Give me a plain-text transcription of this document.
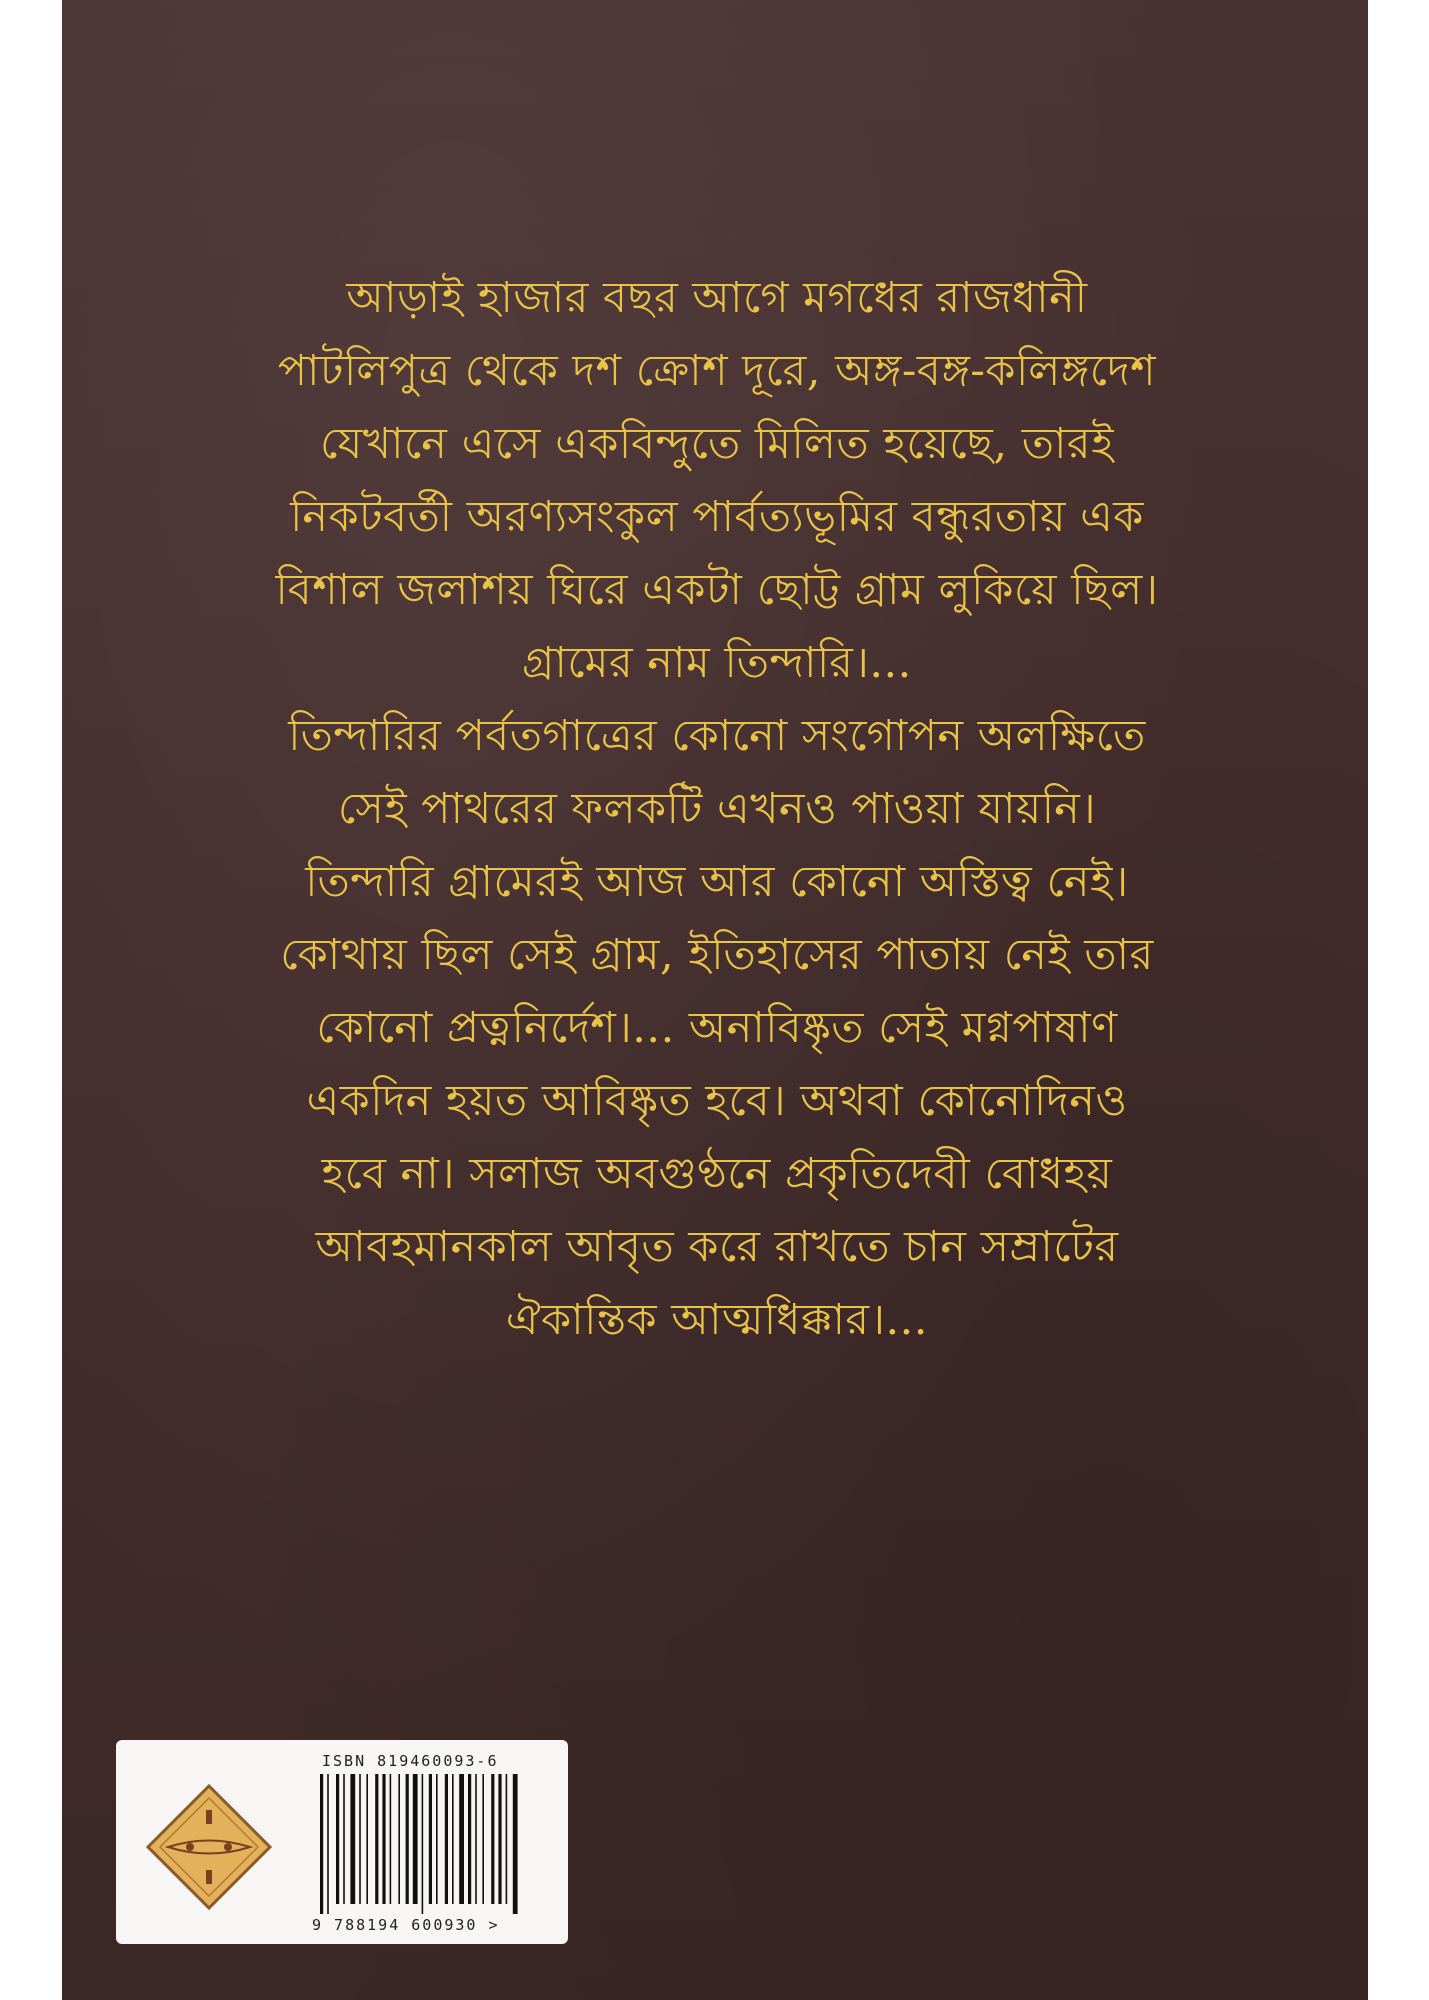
আড়াই হাজার বছর আগে মগধের রাজধানী
পাটলিপুত্র থেকে দশ ক্রোশ দূরে, অঙ্গ-বঙ্গ-কলিঙ্গদেশ
যেখানে এসে একবিন্দুতে মিলিত হয়েছে, তারই
নিকটবর্তী অরণ্যসংকুল পার্বত্যভূমির বন্ধুরতায় এক
বিশাল জলাশয় ঘিরে একটা ছোট্ট গ্রাম লুকিয়ে ছিল।
গ্রামের নাম তিন্দারি।...
তিন্দারির পর্বতগাত্রের কোনো সংগোপন অলক্ষিতে
সেই পাথরের ফলকটি এখনও পাওয়া যায়নি।
তিন্দারি গ্রামেরই আজ আর কোনো অস্তিত্ব নেই।
কোথায় ছিল সেই গ্রাম, ইতিহাসের পাতায় নেই তার
কোনো প্রত্ননির্দেশ।... অনাবিষ্কৃত সেই মগ্নপাষাণ
একদিন হয়ত আবিষ্কৃত হবে। অথবা কোনোদিনও
হবে না। সলাজ অবগুণ্ঠনে প্রকৃতিদেবী বোধহয়
আবহমানকাল আবৃত করে রাখতে চান সম্রাটের
ঐকান্তিক আত্মধিক্কার।...
ISBN 819460093-6
9 788194 600930 >
